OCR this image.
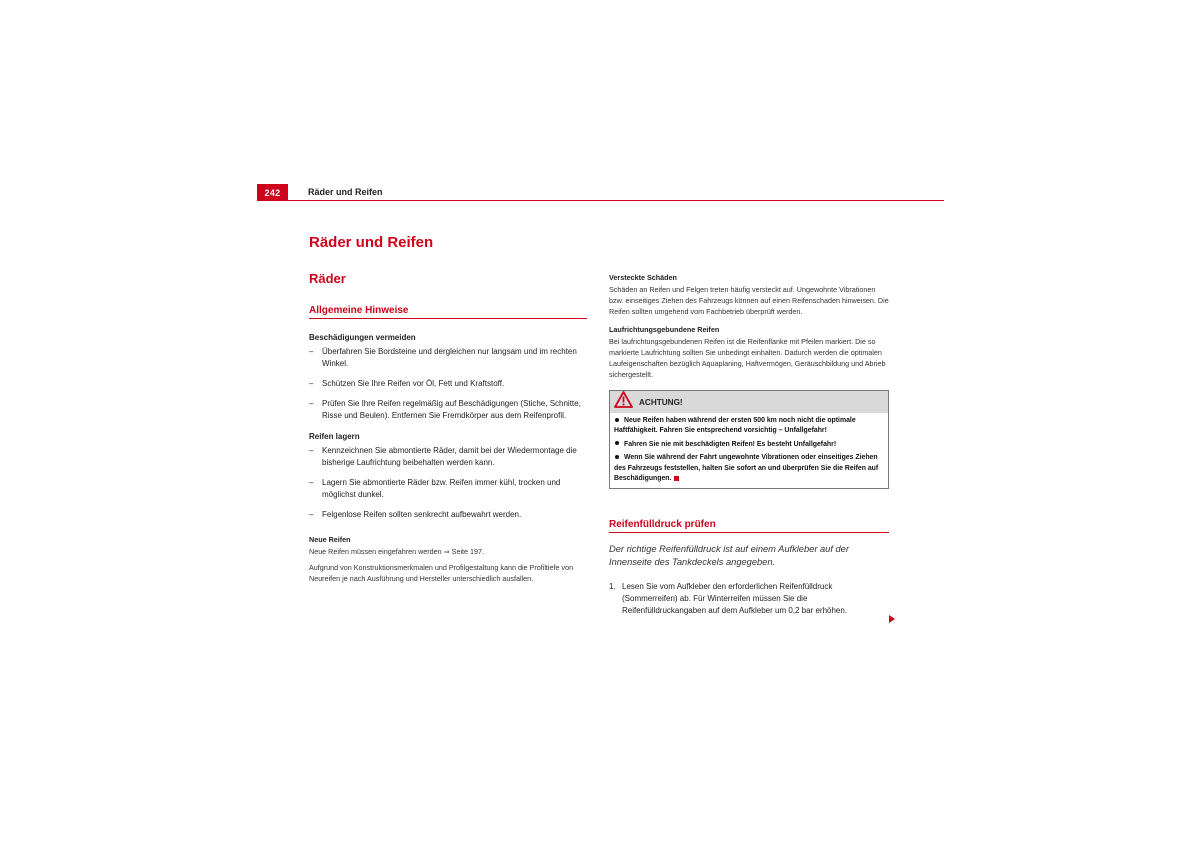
242	Räder und Reifen
Räder und Reifen
Räder
Allgemeine Hinweise
Beschädigungen vermeiden
– Überfahren Sie Bordsteine und dergleichen nur langsam und im rechten Winkel.
– Schützen Sie Ihre Reifen vor Öl, Fett und Kraftstoff.
– Prüfen Sie Ihre Reifen regelmäßig auf Beschädigungen (Stiche, Schnitte, Risse und Beulen). Entfernen Sie Fremdkörper aus dem Reifenprofil.
Reifen lagern
– Kennzeichnen Sie abmontierte Räder, damit bei der Wiedermontage die bisherige Laufrichtung beibehalten werden kann.
– Lagern Sie abmontierte Räder bzw. Reifen immer kühl, trocken und möglichst dunkel.
– Felgenlose Reifen sollten senkrecht aufbewahrt werden.

Neue Reifen

Neue Reifen müssen eingefahren werden ⇒ Seite 197.

Aufgrund von Konstruktionsmerkmalen und Profilgestaltung kann die Profiltiefe von Neureifen je nach Ausführung und Hersteller unterschiedlich ausfallen.

Versteckte Schäden

Schäden an Reifen und Felgen treten häufig versteckt auf. Ungewohnte Vibrationen bzw. einseitiges Ziehen des Fahrzeugs können auf einen Reifenschaden hinweisen. Die Reifen sollten umgehend vom Fachbetrieb überprüft werden.

Laufrichtungsgebundene Reifen

Bei laufrichtungsgebundenen Reifen ist die Reifenflanke mit Pfeilen markiert. Die so markierte Laufrichtung sollten Sie unbedingt einhalten. Dadurch werden die optimalen Laufeigenschaften bezüglich Aquaplaning, Haftvermögen, Geräuschbildung und Abrieb sichergestellt.

ACHTUNG!
Neue Reifen haben während der ersten 500 km noch nicht die optimale Haftfähigkeit. Fahren Sie entsprechend vorsichtig – Unfallgefahr!
Fahren Sie nie mit beschädigten Reifen! Es besteht Unfallgefahr!
Wenn Sie während der Fahrt ungewohnte Vibrationen oder einseitiges Ziehen des Fahrzeugs feststellen, halten Sie sofort an und überprüfen Sie die Reifen auf Beschädigungen.
Reifenfülldruck prüfen

Der richtige Reifenfülldruck ist auf einem Aufkleber auf der Innenseite des Tankdeckels angegeben.

1. Lesen Sie vom Aufkleber den erforderlichen Reifenfülldruck (Sommerreifen) ab. Für Winterreifen müssen Sie die Reifenfülldruckangaben auf dem Aufkleber um 0,2 bar erhöhen.
